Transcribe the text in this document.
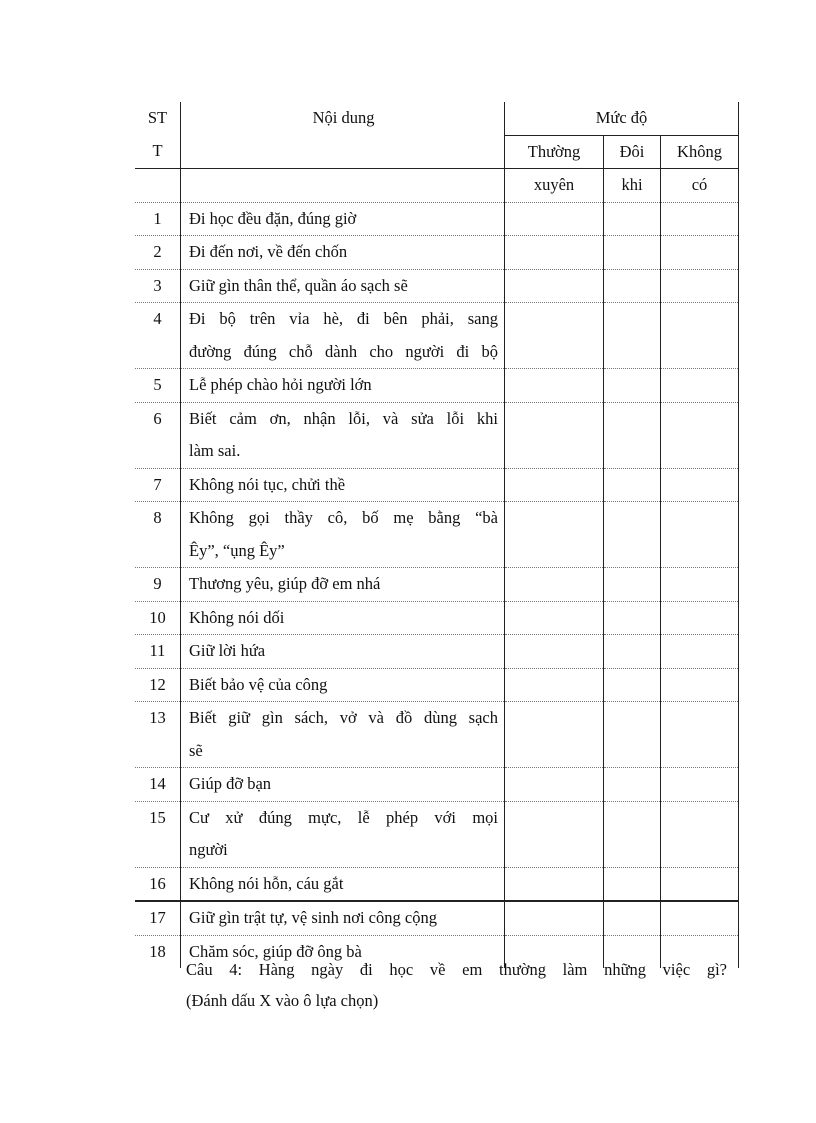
ST
T	Nội dung	Mức độ		
		Thường	Đôi	Không
		xuyên	khi	có
1	Đi học đều đặn, đúng giờ			
2	Đi đến nơi, về đến chốn			
3	Giữ gìn thân thể, quần áo sạch sẽ			
4	Đi bộ trên vỉa hè, đi bên phải, sang
đường đúng chỗ dành cho người đi bộ			

5	Lễ phép chào hỏi người lớn			
6	Biết cảm ơn, nhận lỗi, và sửa lỗi khi
làm sai.			

7	Không nói tục, chửi thề			
8	Không gọi thầy cô, bố mẹ bằng “bà
Êy”, “ụng Êy”			

9	Thương yêu, giúp đỡ em nhá			
10	Không nói dối			
11	Giữ lời hứa			
12	Biết bảo vệ của công			
13	Biết giữ gìn sách, vở và đồ dùng sạch
sẽ			

14	Giúp đỡ bạn			
15	Cư xử đúng mực, lễ phép với mọi
người			

16	Không nói hỗn, cáu gắt			
17	Giữ gìn trật tự, vệ sinh nơi công cộng			
18	Chăm sóc, giúp đỡ ông bà			
Câu 4: Hàng ngày đi học về em thường làm những việc gì?
(Đánh dấu X vào ô lựa chọn)
